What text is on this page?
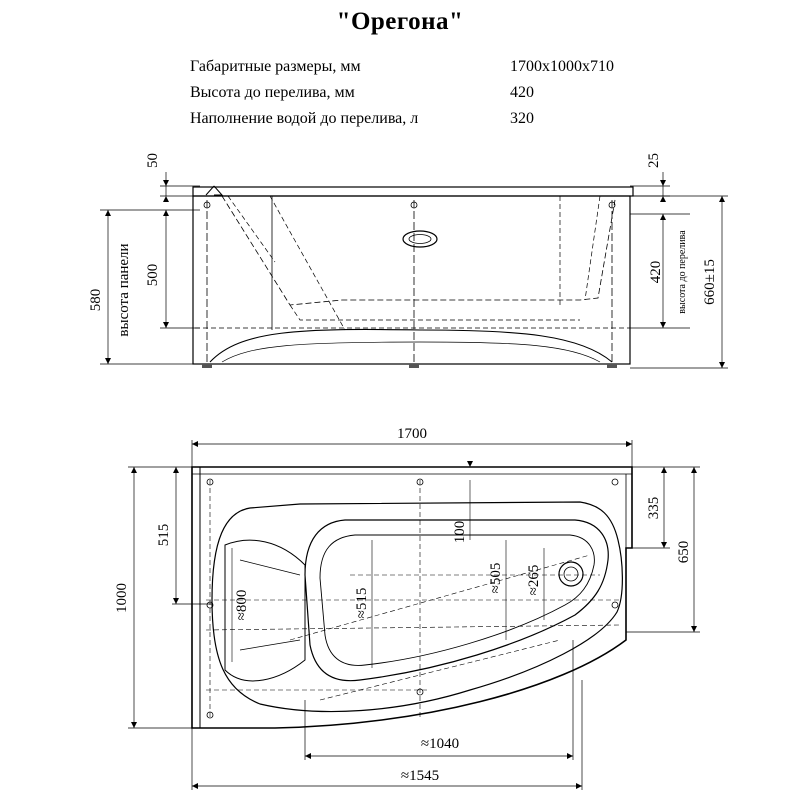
"Орегона"
Габаритные размеры, мм	1700x1000x710
Высота до перелива, мм	420
Наполнение водой до перелива, л	320
50
500
580 высота панели
25
420 высота до перелива 660±15
1700
1000
515
335
650
≈800	≈515
100
≈505 ≈265
≈1040
≈1545
